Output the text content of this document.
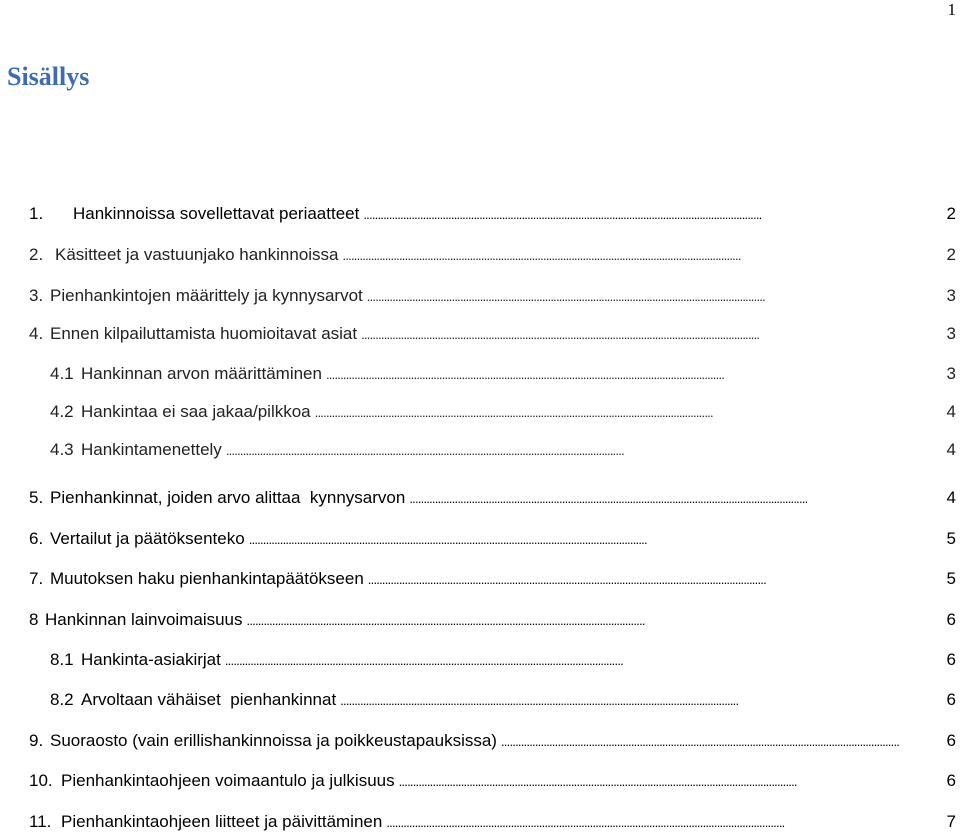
1
Sisällys
1.	Hankinnoissa sovellettavat periaatteet . . .	2
2. Käsitteet ja vastuunjako hankinnoissa . . .	2
3. Pienhankintojen määrittely ja kynnysarvot . . .	3
4. Ennen kilpailuttamista huomioitavat asiat . . .	3
4.1 Hankinnan arvon määrittäminen . . .	3
4.2 Hankintaa ei saa jakaa/pilkkoa . . .	4
4.3 Hankintamenettely . . .	4
5. Pienhankinnat, joiden arvo alittaa  kynnysarvon . . .	4
6. Vertailut ja päätöksenteko . . .	5
7. Muutoksen haku pienhankintapäätökseen . . .	5
8 Hankinnan lainvoimaisuus . . .	6
8.1 Hankinta-asiakirjat . . .	6
8.2 Arvoltaan vähäiset  pienhankinnat . . .	6
9. Suoraosto (vain erillishankinnoissa ja poikkeustapauksissa) . . .	6
10. Pienhankintaohjeen voimaantulo ja julkisuus . . .	6
11. Pienhankintaohjeen liitteet ja päivittäminen . . .	7
